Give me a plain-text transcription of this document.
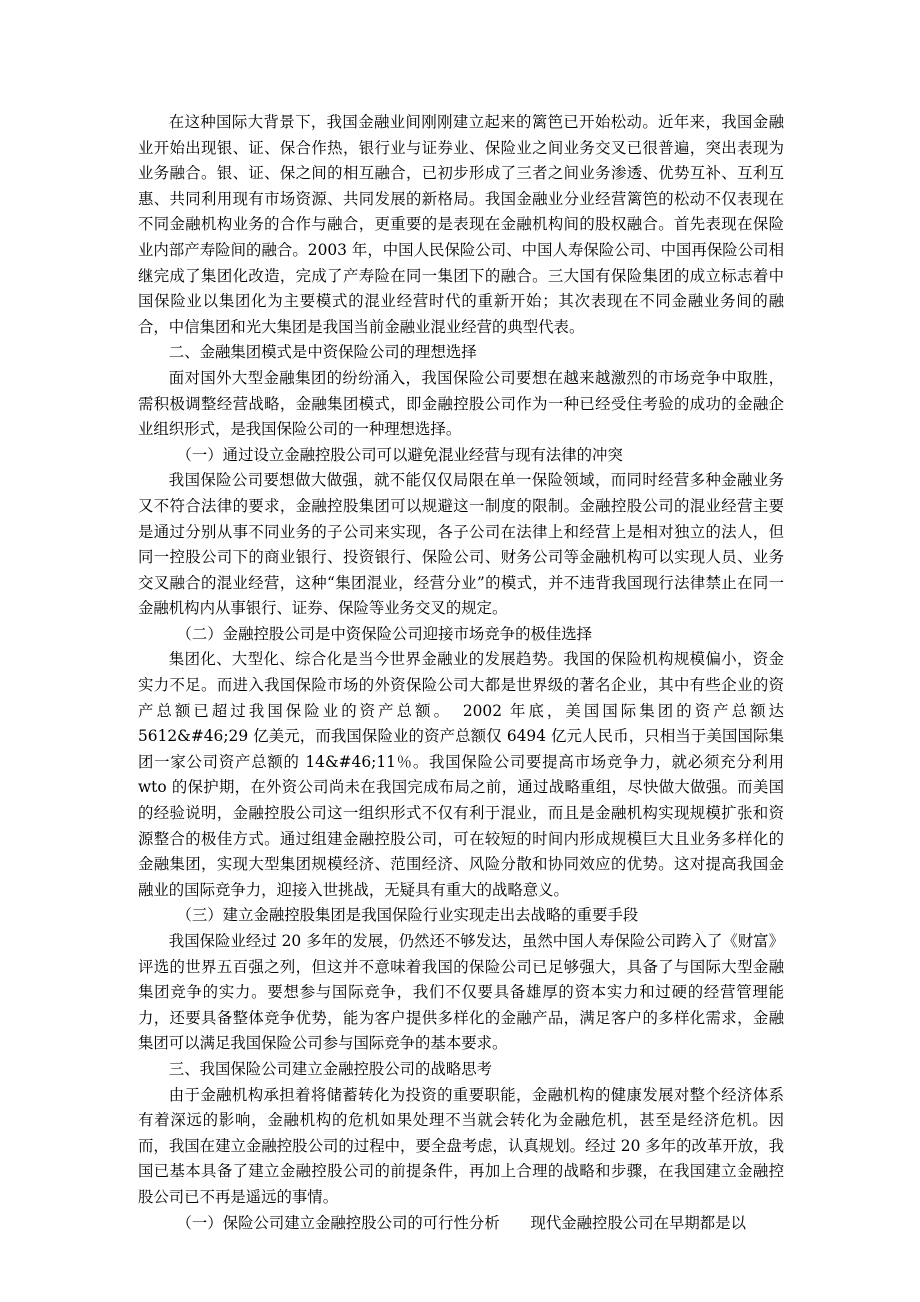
在这种国际大背景下，我国金融业间刚刚建立起来的篱笆已开始松动。近年来，我国金融业开始出现银、证、保合作热，银行业与证券业、保险业之间业务交叉已很普遍，突出表现为业务融合。银、证、保之间的相互融合，已初步形成了三者之间业务渗透、优势互补、互利互惠、共同利用现有市场资源、共同发展的新格局。我国金融业分业经营篱笆的松动不仅表现在不同金融机构业务的合作与融合，更重要的是表现在金融机构间的股权融合。首先表现在保险业内部产寿险间的融合。2003 年，中国人民保险公司、中国人寿保险公司、中国再保险公司相继完成了集团化改造，完成了产寿险在同一集团下的融合。三大国有保险集团的成立标志着中国保险业以集团化为主要模式的混业经营时代的重新开始；其次表现在不同金融业务间的融合，中信集团和光大集团是我国当前金融业混业经营的典型代表。

二、金融集团模式是中资保险公司的理想选择

面对国外大型金融集团的纷纷涌入，我国保险公司要想在越来越激烈的市场竞争中取胜，需积极调整经营战略，金融集团模式，即金融控股公司作为一种已经受住考验的成功的金融企业组织形式，是我国保险公司的一种理想选择。

（一）通过设立金融控股公司可以避免混业经营与现有法律的冲突

我国保险公司要想做大做强，就不能仅仅局限在单一保险领域，而同时经营多种金融业务又不符合法律的要求，金融控股集团可以规避这一制度的限制。金融控股公司的混业经营主要是通过分别从事不同业务的子公司来实现，各子公司在法律上和经营上是相对独立的法人，但同一控股公司下的商业银行、投资银行、保险公司、财务公司等金融机构可以实现人员、业务交叉融合的混业经营，这种“集团混业，经营分业”的模式，并不违背我国现行法律禁止在同一金融机构内从事银行、证券、保险等业务交叉的规定。

（二）金融控股公司是中资保险公司迎接市场竞争的极佳选择

集团化、大型化、综合化是当今世界金融业的发展趋势。我国的保险机构规模偏小，资金实力不足。而进入我国保险市场的外资保险公司大都是世界级的著名企业，其中有些企业的资产总额已超过我国保险业的资产总额。　2002 年底，美国国际集团的资产总额达 5612&#46;29 亿美元，而我国保险业的资产总额仅 6494 亿元人民币，只相当于美国国际集团一家公司资产总额的 14&#46;11％。我国保险公司要提高市场竞争力，就必须充分利用 wto 的保护期，在外资公司尚未在我国完成布局之前，通过战略重组，尽快做大做强。而美国的经验说明，金融控股公司这一组织形式不仅有利于混业，而且是金融机构实现规模扩张和资源整合的极佳方式。通过组建金融控股公司，可在较短的时间内形成规模巨大且业务多样化的金融集团，实现大型集团规模经济、范围经济、风险分散和协同效应的优势。这对提高我国金融业的国际竞争力，迎接入世挑战，无疑具有重大的战略意义。

（三）建立金融控股集团是我国保险行业实现走出去战略的重要手段

我国保险业经过 20 多年的发展，仍然还不够发达，虽然中国人寿保险公司跨入了《财富》评选的世界五百强之列，但这并不意味着我国的保险公司已足够强大，具备了与国际大型金融集团竞争的实力。要想参与国际竞争，我们不仅要具备雄厚的资本实力和过硬的经营管理能力，还要具备整体竞争优势，能为客户提供多样化的金融产品，满足客户的多样化需求，金融集团可以满足我国保险公司参与国际竞争的基本要求。

三、我国保险公司建立金融控股公司的战略思考

由于金融机构承担着将储蓄转化为投资的重要职能，金融机构的健康发展对整个经济体系有着深远的影响，金融机构的危机如果处理不当就会转化为金融危机，甚至是经济危机。因而，我国在建立金融控股公司的过程中，要全盘考虑，认真规划。经过 20 多年的改革开放，我国已基本具备了建立金融控股公司的前提条件，再加上合理的战略和步骤，在我国建立金融控股公司已不再是遥远的事情。

（一）保险公司建立金融控股公司的可行性分析　　现代金融控股公司在早期都是以
